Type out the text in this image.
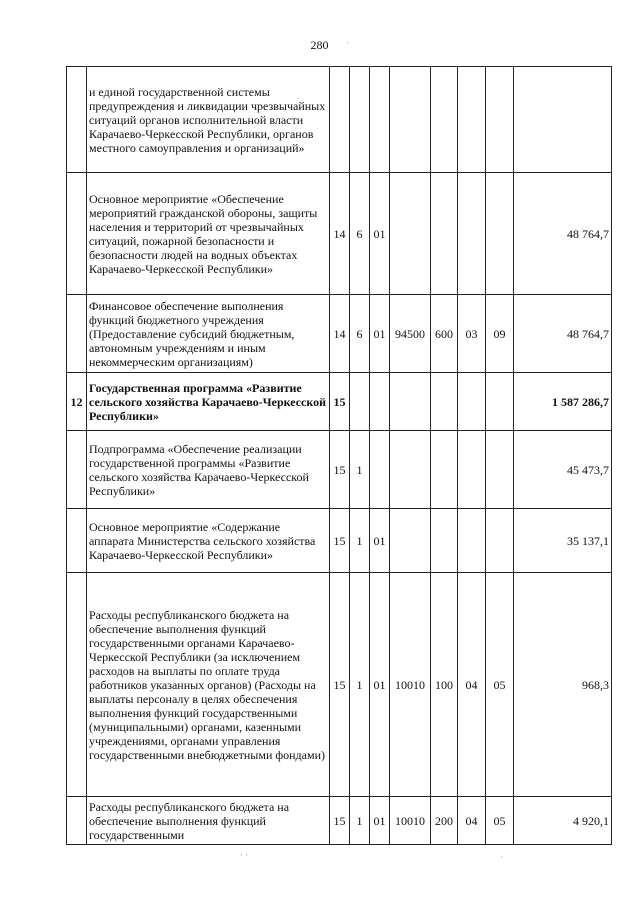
280
	и единой государственной системы предупреждения и ликвидации чрезвычайных ситуаций органов исполнительной власти Карачаево-Черкесской Республики, органов местного самоуправления и организаций»								
	Основное мероприятие «Обеспечение мероприятий гражданской обороны, защиты населения и территорий от чрезвычайных ситуаций, пожарной безопасности и безопасности людей на водных объектах Карачаево-Черкесской Республики»	14	6	01					48 764,7
	Финансовое обеспечение выполнения функций бюджетного учреждения (Предоставление субсидий бюджетным, автономным учреждениям и иным некоммерческим организациям)	14	6	01	94500	600	03	09	48 764,7
12	Государственная программа «Развитие сельского хозяйства Карачаево-Черкесской Республики»	15							1 587 286,7
	Подпрограмма «Обеспечение реализации государственной программы «Развитие сельского хозяйства Карачаево-Черкесской Республики»	15	1						45 473,7
	Основное мероприятие «Содержание аппарата Министерства сельского хозяйства Карачаево-Черкесской Республики»	15	1	01					35 137,1
	Расходы республиканского бюджета на обеспечение выполнения функций государственными органами Карачаево-Черкесской Республики (за исключением расходов на выплаты по оплате труда работников указанных органов) (Расходы на выплаты персоналу в целях обеспечения выполнения функций государственными (муниципальными) органами, казенными учреждениями, органами управления государственными внебюджетными фондами)	15	1	01	10010	100	04	05	968,3
	Расходы республиканского бюджета на обеспечение выполнения функций государственными	15	1	01	10010	200	04	05	4 920,1
·
· ·	·
